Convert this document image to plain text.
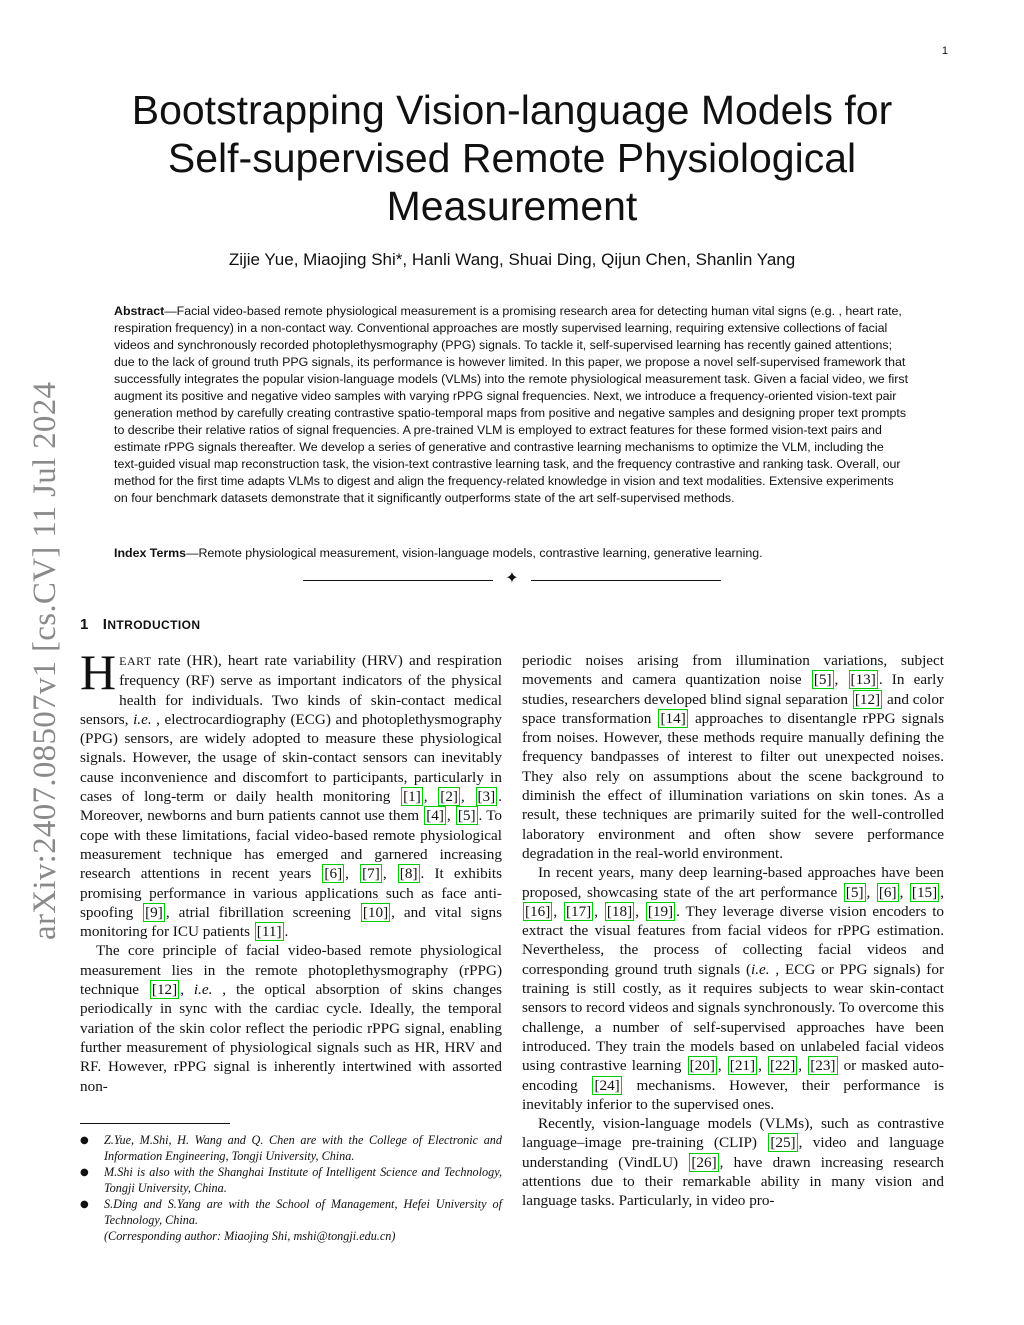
1
arXiv:2407.08507v1 [cs.CV] 11 Jul 2024
Bootstrapping Vision-language Models for Self-supervised Remote Physiological Measurement
Zijie Yue, Miaojing Shi*, Hanli Wang, Shuai Ding, Qijun Chen, Shanlin Yang

Abstract—Facial video-based remote physiological measurement is a promising research area for detecting human vital signs (e.g. , heart rate, respiration frequency) in a non-contact way. Conventional approaches are mostly supervised learning, requiring extensive collections of facial videos and synchronously recorded photoplethysmography (PPG) signals. To tackle it, self-supervised learning has recently gained attentions; due to the lack of ground truth PPG signals, its performance is however limited. In this paper, we propose a novel self-supervised framework that successfully integrates the popular vision-language models (VLMs) into the remote physiological measurement task. Given a facial video, we first augment its positive and negative video samples with varying rPPG signal frequencies. Next, we introduce a frequency-oriented vision-text pair generation method by carefully creating contrastive spatio-temporal maps from positive and negative samples and designing proper text prompts to describe their relative ratios of signal frequencies. A pre-trained VLM is employed to extract features for these formed vision-text pairs and estimate rPPG signals thereafter. We develop a series of generative and contrastive learning mechanisms to optimize the VLM, including the text-guided visual map reconstruction task, the vision-text contrastive learning task, and the frequency contrastive and ranking task. Overall, our method for the first time adapts VLMs to digest and align the frequency-related knowledge in vision and text modalities. Extensive experiments on four benchmark datasets demonstrate that it significantly outperforms state of the art self-supervised methods.

Index Terms—Remote physiological measurement, vision-language models, contrastive learning, generative learning.

✦
1 INTRODUCTION

HEART rate (HR), heart rate variability (HRV) and respiration frequency (RF) serve as important indicators of the physical health for individuals. Two kinds of skin-contact medical sensors, i.e. , electrocardiography (ECG) and photoplethysmography (PPG) sensors, are widely adopted to measure these physiological signals. However, the usage of skin-contact sensors can inevitably cause inconvenience and discomfort to participants, particularly in cases of long-term or daily health monitoring [1] , [2] , [3] . Moreover, newborns and burn patients cannot use them [4] , [5] . To cope with these limitations, facial video-based remote physiological measurement technique has emerged and garnered increasing research attentions in recent years [6] , [7] , [8] . It exhibits promising performance in various applications such as face anti-spoofing [9] , atrial fibrillation screening [10] , and vital signs monitoring for ICU patients [11] .

The core principle of facial video-based remote physiological measurement lies in the remote photoplethysmography (rPPG) technique [12] , i.e. , the optical absorption of skins changes periodically in sync with the cardiac cycle. Ideally, the temporal variation of the skin color reflect the periodic rPPG signal, enabling further measurement of physiological signals such as HR, HRV and RF. However, rPPG signal is inherently intertwined with assorted non-

● Z.Yue, M.Shi, H. Wang and Q. Chen are with the College of Electronic and Information Engineering, Tongji University, China.
● M.Shi is also with the Shanghai Institute of Intelligent Science and Technology, Tongji University, China.
● S.Ding and S.Yang are with the School of Management, Hefei University of Technology, China.
(Corresponding author: Miaojing Shi, mshi@tongji.edu.cn)

periodic noises arising from illumination variations, subject movements and camera quantization noise [5] , [13] . In early studies, researchers developed blind signal separation [12] and color space transformation [14] approaches to disentangle rPPG signals from noises. However, these methods require manually defining the frequency bandpasses of interest to filter out unexpected noises. They also rely on assumptions about the scene background to diminish the effect of illumination variations on skin tones. As a result, these techniques are primarily suited for the well-controlled laboratory environment and often show severe performance degradation in the real-world environment.

In recent years, many deep learning-based approaches have been proposed, showcasing state of the art performance [5] , [6] , [15] , [16] , [17] , [18] , [19] . They leverage diverse vision encoders to extract the visual features from facial videos for rPPG estimation. Nevertheless, the process of collecting facial videos and corresponding ground truth signals (i.e. , ECG or PPG signals) for training is still costly, as it requires subjects to wear skin-contact sensors to record videos and signals synchronously. To overcome this challenge, a number of self-supervised approaches have been introduced. They train the models based on unlabeled facial videos using contrastive learning [20] , [21] , [22] , [23] or masked auto-encoding [24] mechanisms. However, their performance is inevitably inferior to the supervised ones.

Recently, vision-language models (VLMs), such as contrastive language–image pre-training (CLIP) [25] , video and language understanding (VindLU) [26] , have drawn increasing research attentions due to their remarkable ability in many vision and language tasks. Particularly, in video pro-
